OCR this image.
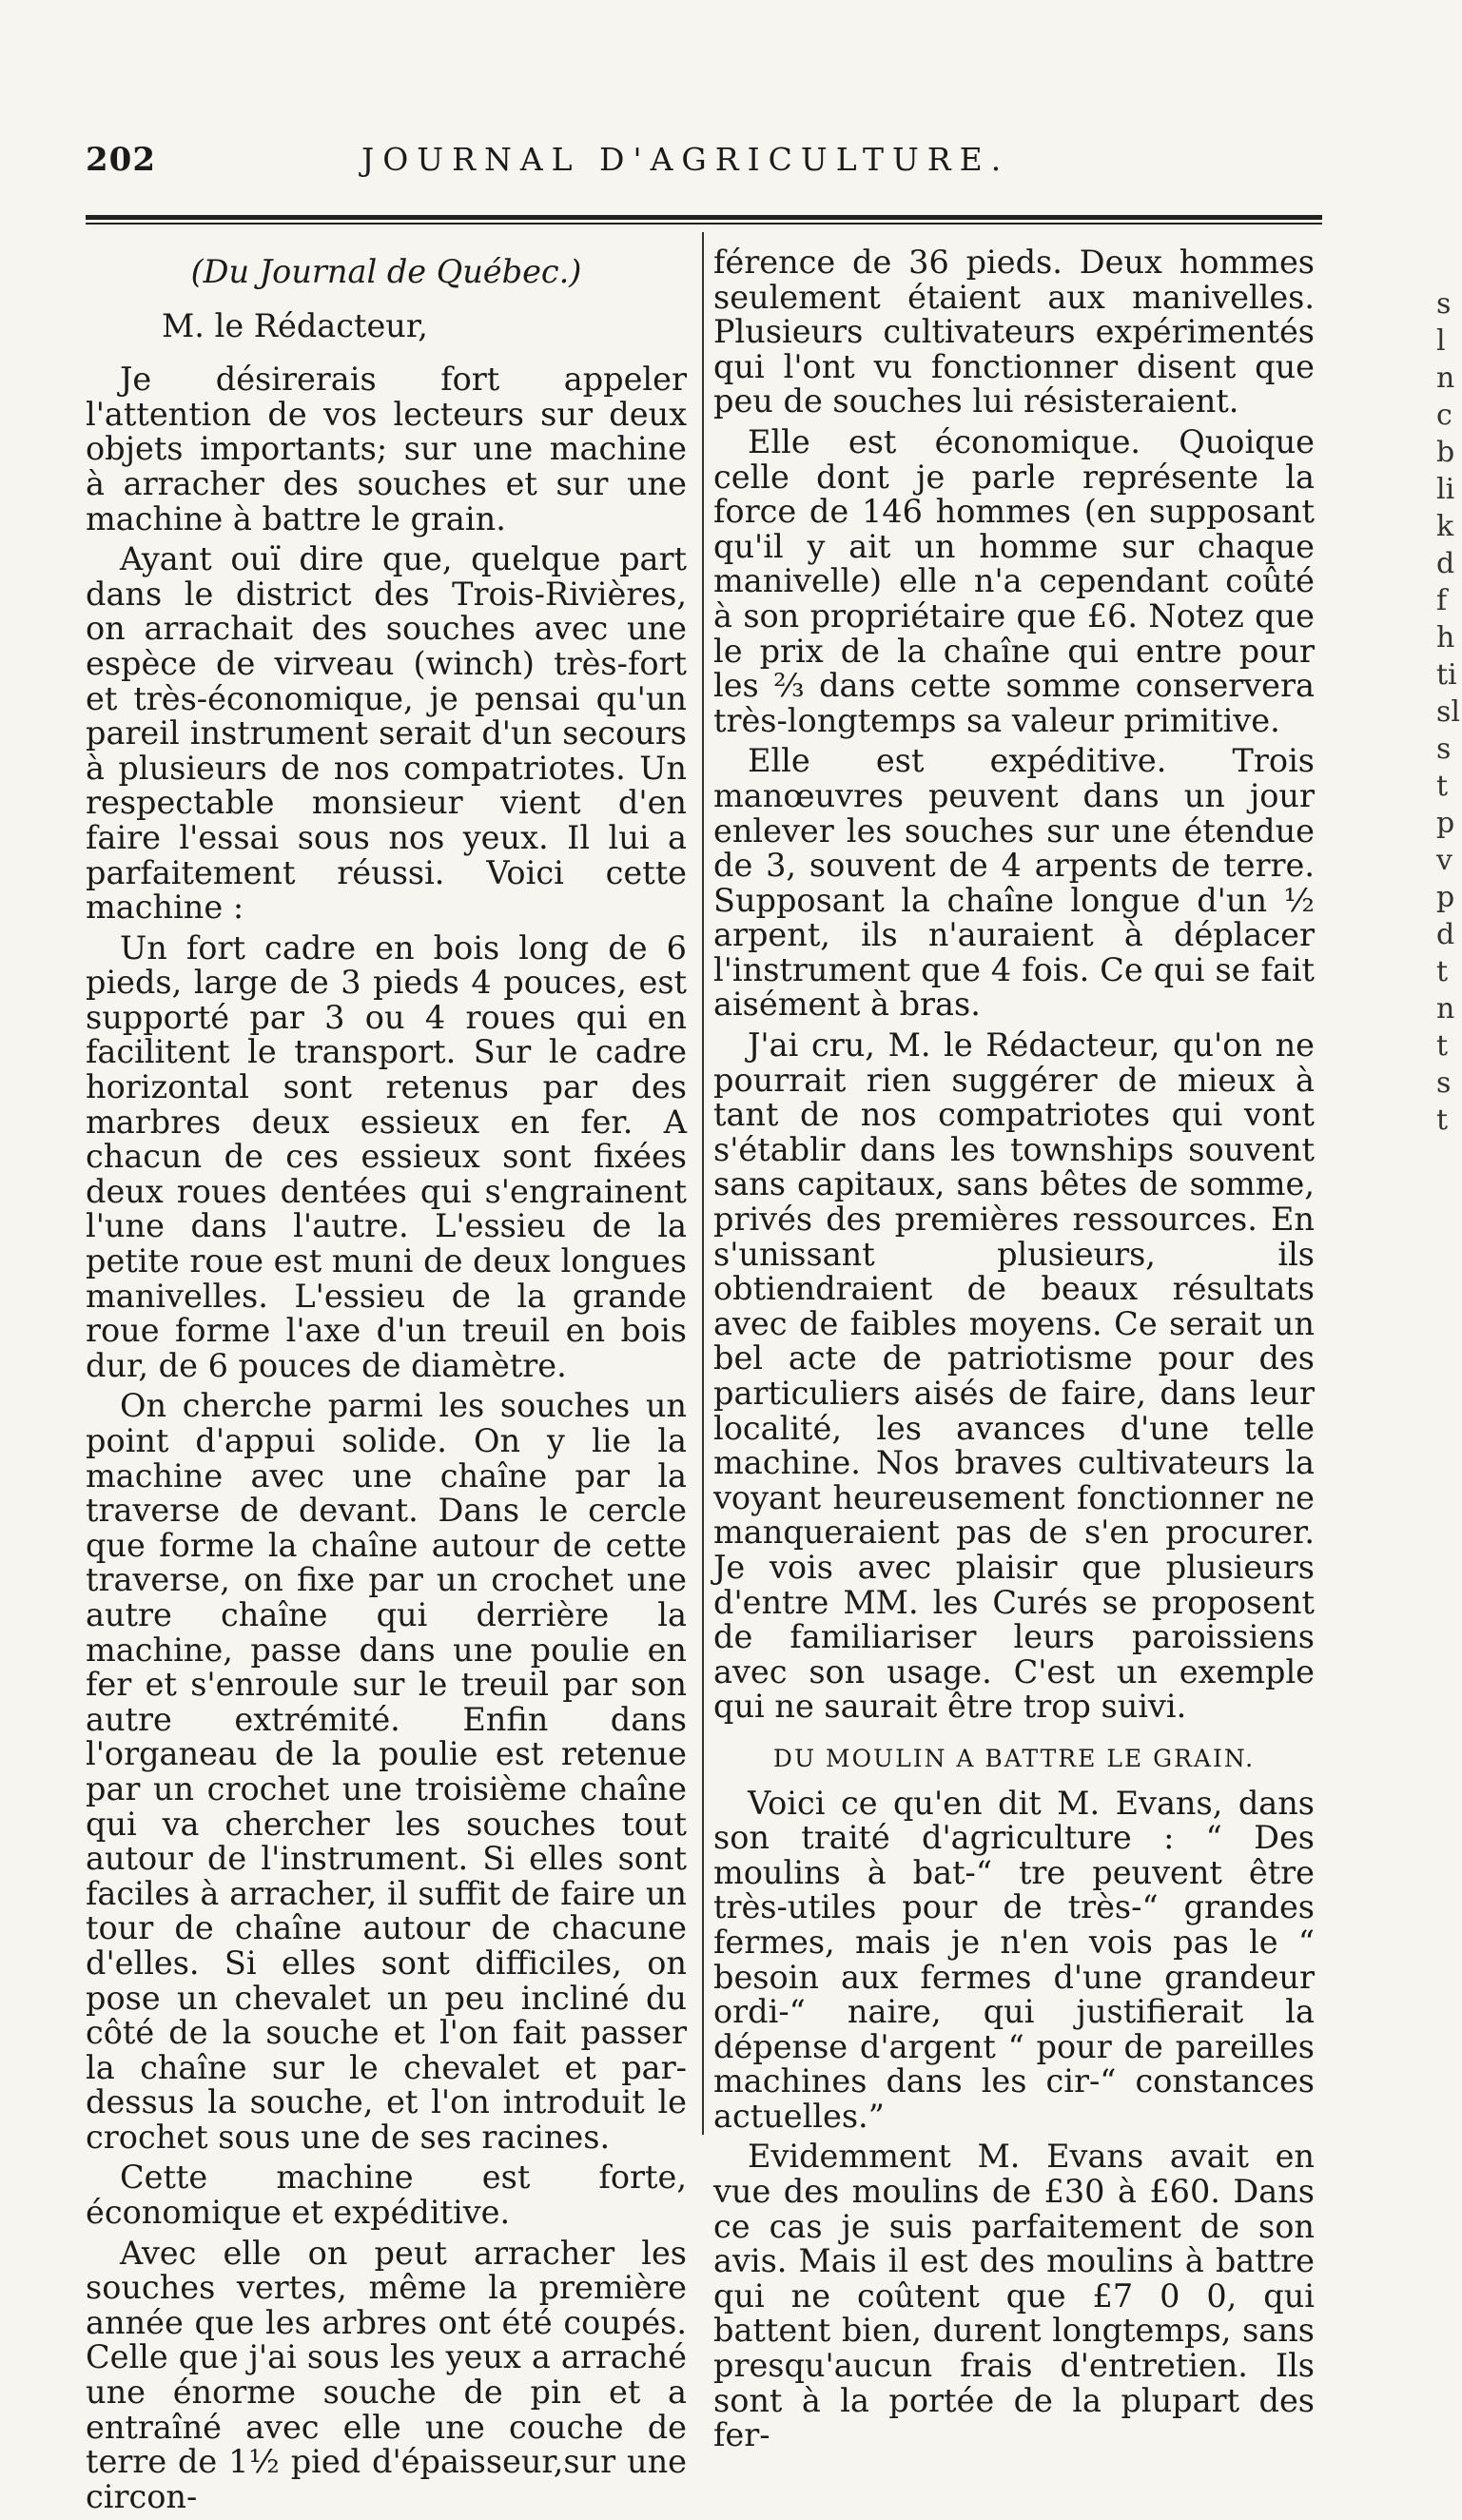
202	JOURNAL D'AGRICULTURE.
(Du Journal de Québec.)
M. le Rédacteur,

Je désirerais fort appeler l'attention de vos lecteurs sur deux objets importants; sur une machine à arracher des souches et sur une machine à battre le grain.

Ayant ouï dire que, quelque part dans le district des Trois-Rivières, on arrachait des souches avec une espèce de virveau (winch) très-fort et très-économique, je pensai qu'un pareil instrument serait d'un secours à plusieurs de nos compatriotes. Un respectable monsieur vient d'en faire l'essai sous nos yeux. Il lui a parfaitement réussi. Voici cette machine :

Un fort cadre en bois long de 6 pieds, large de 3 pieds 4 pouces, est supporté par 3 ou 4 roues qui en facilitent le transport. Sur le cadre horizontal sont retenus par des marbres deux essieux en fer. A chacun de ces essieux sont fixées deux roues dentées qui s'engrainent l'une dans l'autre. L'essieu de la petite roue est muni de deux longues manivelles. L'essieu de la grande roue forme l'axe d'un treuil en bois dur, de 6 pouces de diamètre.

On cherche parmi les souches un point d'appui solide. On y lie la machine avec une chaîne par la traverse de devant. Dans le cercle que forme la chaîne autour de cette traverse, on fixe par un crochet une autre chaîne qui derrière la machine, passe dans une poulie en fer et s'enroule sur le treuil par son autre extrémité. Enfin dans l'organeau de la poulie est retenue par un crochet une troisième chaîne qui va chercher les souches tout autour de l'instrument. Si elles sont faciles à arracher, il suffit de faire un tour de chaîne autour de chacune d'elles. Si elles sont difficiles, on pose un chevalet un peu incliné du côté de la souche et l'on fait passer la chaîne sur le chevalet et par-dessus la souche, et l'on introduit le crochet sous une de ses racines.

Cette machine est forte, économique et expéditive.

Avec elle on peut arracher les souches vertes, même la première année que les arbres ont été coupés. Celle que j'ai sous les yeux a arraché une énorme souche de pin et a entraîné avec elle une couche de terre de 1½ pied d'épaisseur,sur une circon-

férence de 36 pieds. Deux hommes seulement étaient aux manivelles. Plusieurs cultivateurs expérimentés qui l'ont vu fonctionner disent que peu de souches lui résisteraient.

Elle est économique. Quoique celle dont je parle représente la force de 146 hommes (en supposant qu'il y ait un homme sur chaque manivelle) elle n'a cependant coûté à son propriétaire que £6. Notez que le prix de la chaîne qui entre pour les ⅔ dans cette somme conservera très-longtemps sa valeur primitive.

Elle est expéditive. Trois manœuvres peuvent dans un jour enlever les souches sur une étendue de 3, souvent de 4 arpents de terre. Supposant la chaîne longue d'un ½ arpent, ils n'auraient à déplacer l'instrument que 4 fois. Ce qui se fait aisément à bras.

J'ai cru, M. le Rédacteur, qu'on ne pourrait rien suggérer de mieux à tant de nos compatriotes qui vont s'établir dans les townships souvent sans capitaux, sans bêtes de somme, privés des premières ressources. En s'unissant plusieurs, ils obtiendraient de beaux résultats avec de faibles moyens. Ce serait un bel acte de patriotisme pour des particuliers aisés de faire, dans leur localité, les avances d'une telle machine. Nos braves cultivateurs la voyant heureusement fonctionner ne manqueraient pas de s'en procurer. Je vois avec plaisir que plusieurs d'entre MM. les Curés se proposent de familiariser leurs paroissiens avec son usage. C'est un exemple qui ne saurait être trop suivi.

DU MOULIN A BATTRE LE GRAIN.

Voici ce qu'en dit M. Evans, dans son traité d'agriculture : “ Des moulins à bat-“ tre peuvent être très-utiles pour de très-“ grandes fermes, mais je n'en vois pas le “ besoin aux fermes d'une grandeur ordi-“ naire, qui justifierait la dépense d'argent “ pour de pareilles machines dans les cir-“ constances actuelles.”

Evidemment M. Evans avait en vue des moulins de £30 à £60. Dans ce cas je suis parfaitement de son avis. Mais il est des moulins à battre qui ne coûtent que £7 0 0, qui battent bien, durent longtemps, sans presqu'aucun frais d'entretien. Ils sont à la portée de la plupart des fer-

s
l
n
c
b
li
k
d
f
h
ti
sl
s
t
p
v
p
d
t
n
t
s
t
